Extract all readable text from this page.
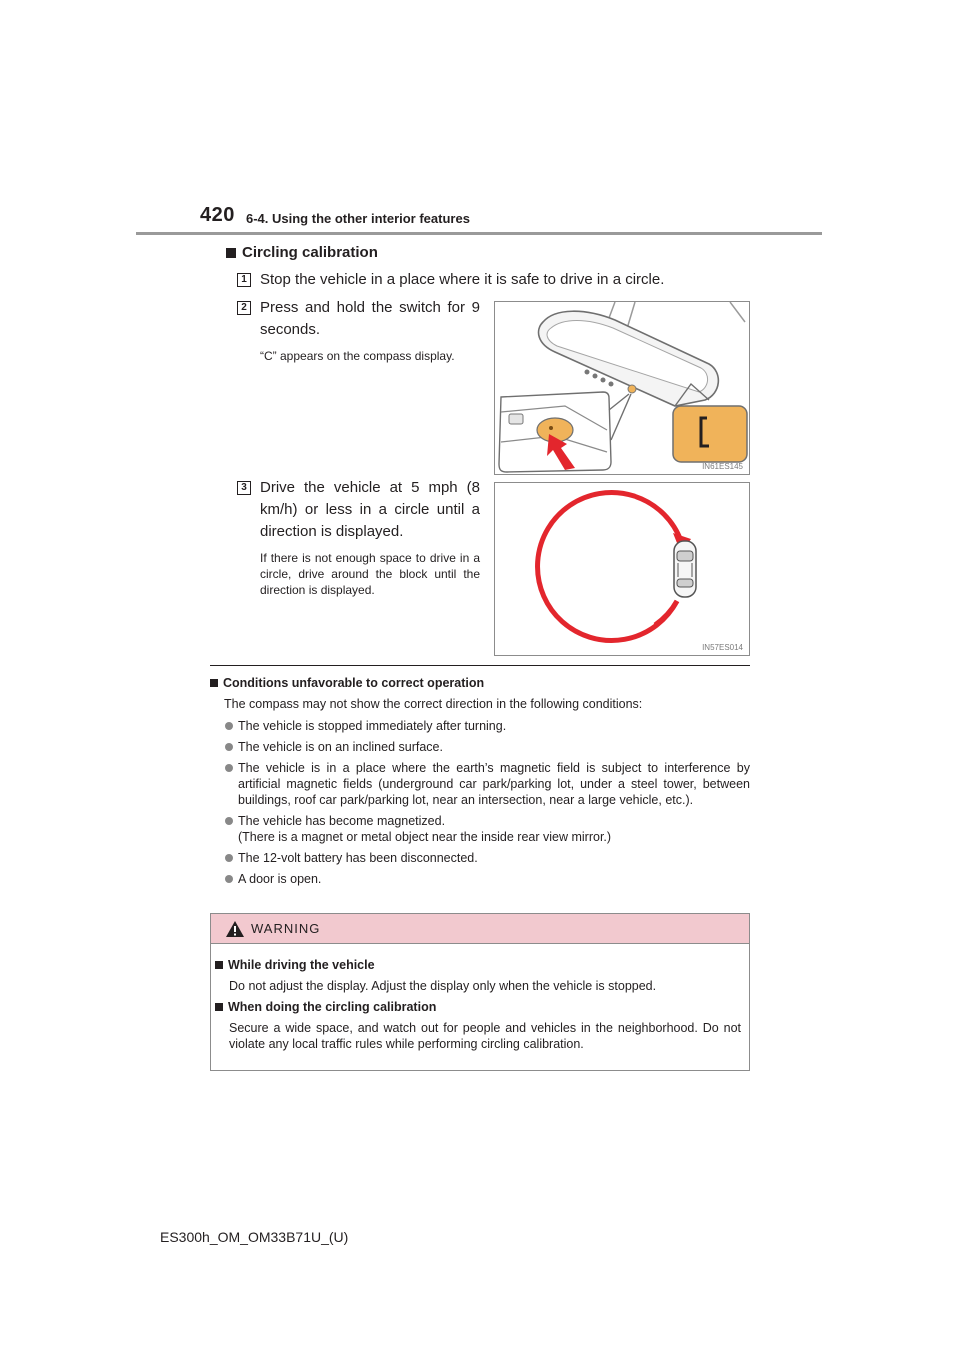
420 6-4. Using the other interior features
Circling calibration
1 Stop the vehicle in a place where it is safe to drive in a circle.
2 Press and hold the switch for 9 seconds.
“C” appears on the compass display.
IN61ES145
3 Drive the vehicle at 5 mph (8 km/h) or less in a circle until a direction is displayed.
If there is not enough space to drive in a circle, drive around the block until the direction is displayed.
IN57ES014
Conditions unfavorable to correct operation
The compass may not show the correct direction in the following conditions:
The vehicle is stopped immediately after turning.
The vehicle is on an inclined surface.
The vehicle is in a place where the earth’s magnetic field is subject to interference by artificial magnetic fields (underground car park/parking lot, under a steel tower, between buildings, roof car park/parking lot, near an intersection, near a large vehicle, etc.).
The vehicle has become magnetized.
(There is a magnet or metal object near the inside rear view mirror.)
The 12-volt battery has been disconnected.
A door is open.
WARNING
While driving the vehicle
Do not adjust the display. Adjust the display only when the vehicle is stopped.
When doing the circling calibration
Secure a wide space, and watch out for people and vehicles in the neighborhood. Do not violate any local traffic rules while performing circling calibration.
ES300h_OM_OM33B71U_(U)
